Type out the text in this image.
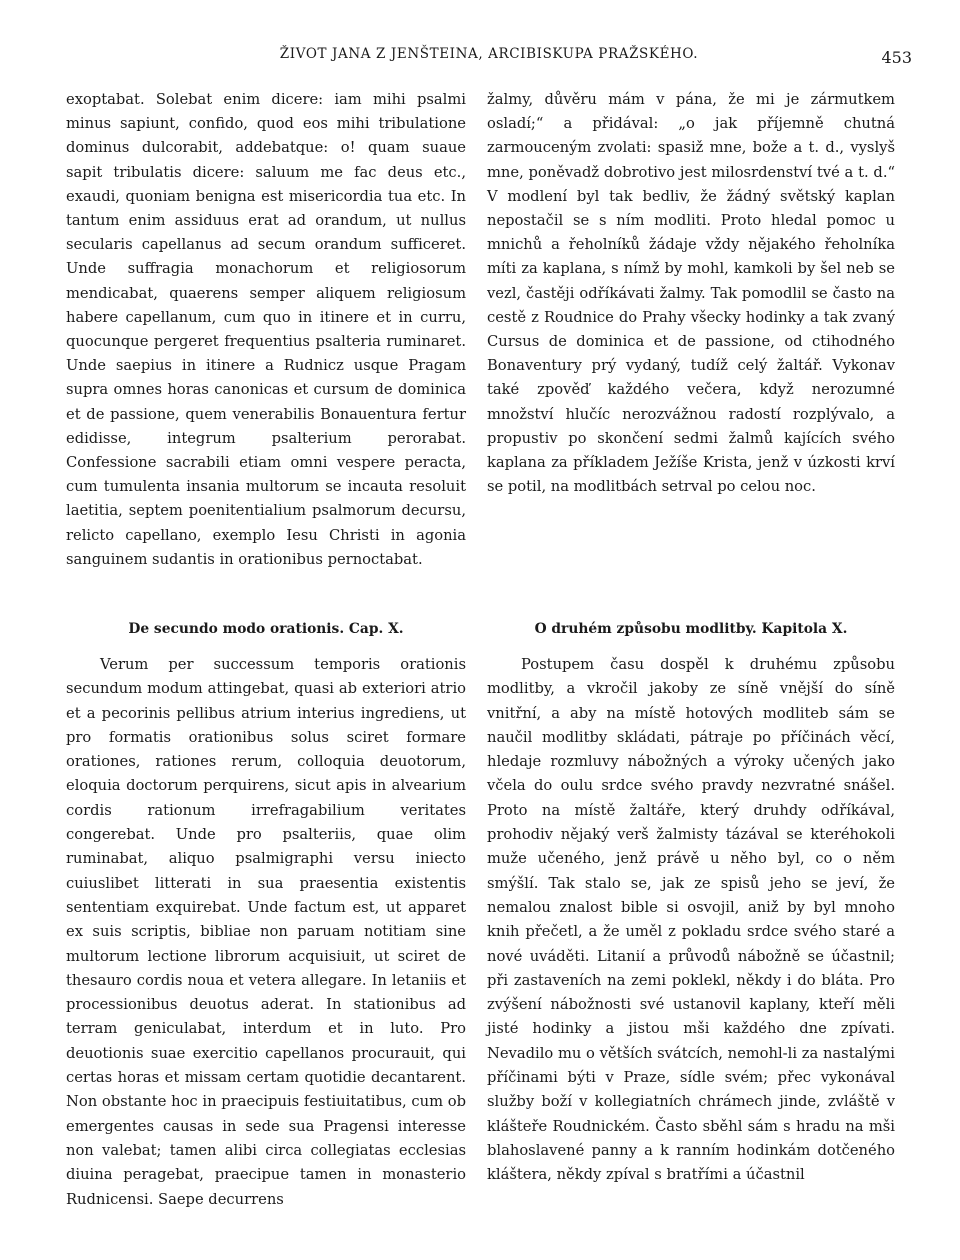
ŽIVOT JANA Z JENŠTEINA, ARCIBISKUPA PRAŽSKÉHO.	453

exoptabat. Solebat enim dicere: iam mihi psalmi minus sapiunt, confido, quod eos mihi tribulatione dominus dulcorabit, addebatque: o! quam suaue sapit tribulatis dicere: saluum me fac deus etc., exaudi, quoniam benigna est misericordia tua etc. In tantum enim assiduus erat ad orandum, ut nullus secularis capellanus ad secum orandum sufficeret. Unde suffragia monachorum et religiosorum mendicabat, quaerens semper aliquem religiosum habere capellanum, cum quo in itinere et in curru, quocunque pergeret frequentius psalteria ruminaret. Unde saepius in itinere a Rudnicz usque Pragam supra omnes horas canonicas et cursum de dominica et de passione, quem venerabilis Bonauentura fertur edidisse, integrum psalterium perorabat. Confessione sacrabili etiam omni vespere peracta, cum tumulenta insania multorum se incauta resoluit laetitia, septem poenitentialium psalmorum decursu, relicto capellano, exemplo Iesu Christi in agonia sanguinem sudantis in orationibus pernoctabat.

žalmy, důvěru mám v pána, že mi je zármutkem osladí;“ a přidával: „o jak příjemně chutná zarmouceným zvolati: spasiž mne, bože a t. d., vyslyš mne, poněvadž dobrotivo jest milosrdenství tvé a t. d.“ V modlení byl tak bedliv, že žádný světský kaplan nepostačil se s ním modliti. Proto hledal pomoc u mnichů a řeholníků žádaje vždy nějakého řeholníka míti za kaplana, s nímž by mohl, kamkoli by šel neb se vezl, častěji odříkávati žalmy. Tak pomodlil se často na cestě z Roudnice do Prahy všecky hodinky a tak zvaný Cursus de dominica et de passione, od ctihodného Bonaventury prý vydaný, tudíž celý žaltář. Vykonav také zpověď každého večera, když nerozumné množství hlučíc nerozvážnou radostí rozplývalo, a propustiv po skončení sedmi žalmů kajících svého kaplana za příkladem Ježíše Krista, jenž v úzkosti krví se potil, na modlitbách setrval po celou noc.

De secundo modo orationis. Cap. X.	O druhém způsobu modlitby. Kapitola X.

Verum per successum temporis orationis secundum modum attingebat, quasi ab exteriori atrio et a pecorinis pellibus atrium interius ingrediens, ut pro formatis orationibus solus sciret formare orationes, rationes rerum, colloquia deuotorum, eloquia doctorum perquirens, sicut apis in alvearium cordis rationum irrefragabilium veritates congerebat. Unde pro psalteriis, quae olim ruminabat, aliquo psalmigraphi versu iniecto cuiuslibet litterati in sua praesentia existentis sententiam exquirebat. Unde factum est, ut apparet ex suis scriptis, bibliae non paruam notitiam sine multorum lectione librorum acquisiuit, ut sciret de thesauro cordis noua et vetera allegare. In letaniis et processionibus deuotus aderat. In stationibus ad terram geniculabat, interdum et in luto. Pro deuotionis suae exercitio capellanos procurauit, qui certas horas et missam certam quotidie decantarent. Non obstante hoc in praecipuis festiuitatibus, cum ob emergentes causas in sede sua Pragensi interesse non valebat; tamen alibi circa collegiatas ecclesias diuina peragebat, praecipue tamen in monasterio Rudnicensi. Saepe decurrens

Postupem času dospěl k druhému způsobu modlitby, a vkročil jakoby ze síně vnější do síně vnitřní, a aby na místě hotových modliteb sám se naučil modlitby skládati, pátraje po příčinách věcí, hledaje rozmluvy nábožných a výroky učených jako včela do oulu srdce svého pravdy nezvratné snášel. Proto na místě žaltáře, který druhdy odříkával, prohodiv nějaký verš žalmisty tázával se kteréhokoli muže učeného, jenž právě u něho byl, co o něm smýšlí. Tak stalo se, jak ze spisů jeho se jeví, že nemalou znalost bible si osvojil, aniž by byl mnoho knih přečetl, a že uměl z pokladu srdce svého staré a nové uváděti. Litanií a průvodů nábožně se účastnil; při zastaveních na zemi poklekl, někdy i do bláta. Pro zvýšení nábožnosti své ustanovil kaplany, kteří měli jisté hodinky a jistou mši každého dne zpívati. Nevadilo mu o větších svátcích, nemohl-li za nastalými příčinami býti v Praze, sídle svém; přec vykonával služby boží v kollegiatních chrámech jinde, zvláště v klášteře Roudnickém. Často sběhl sám s hradu na mši blahoslavené panny a k ranním hodinkám dotčeného kláštera, někdy zpíval s bratřími a účastnil
